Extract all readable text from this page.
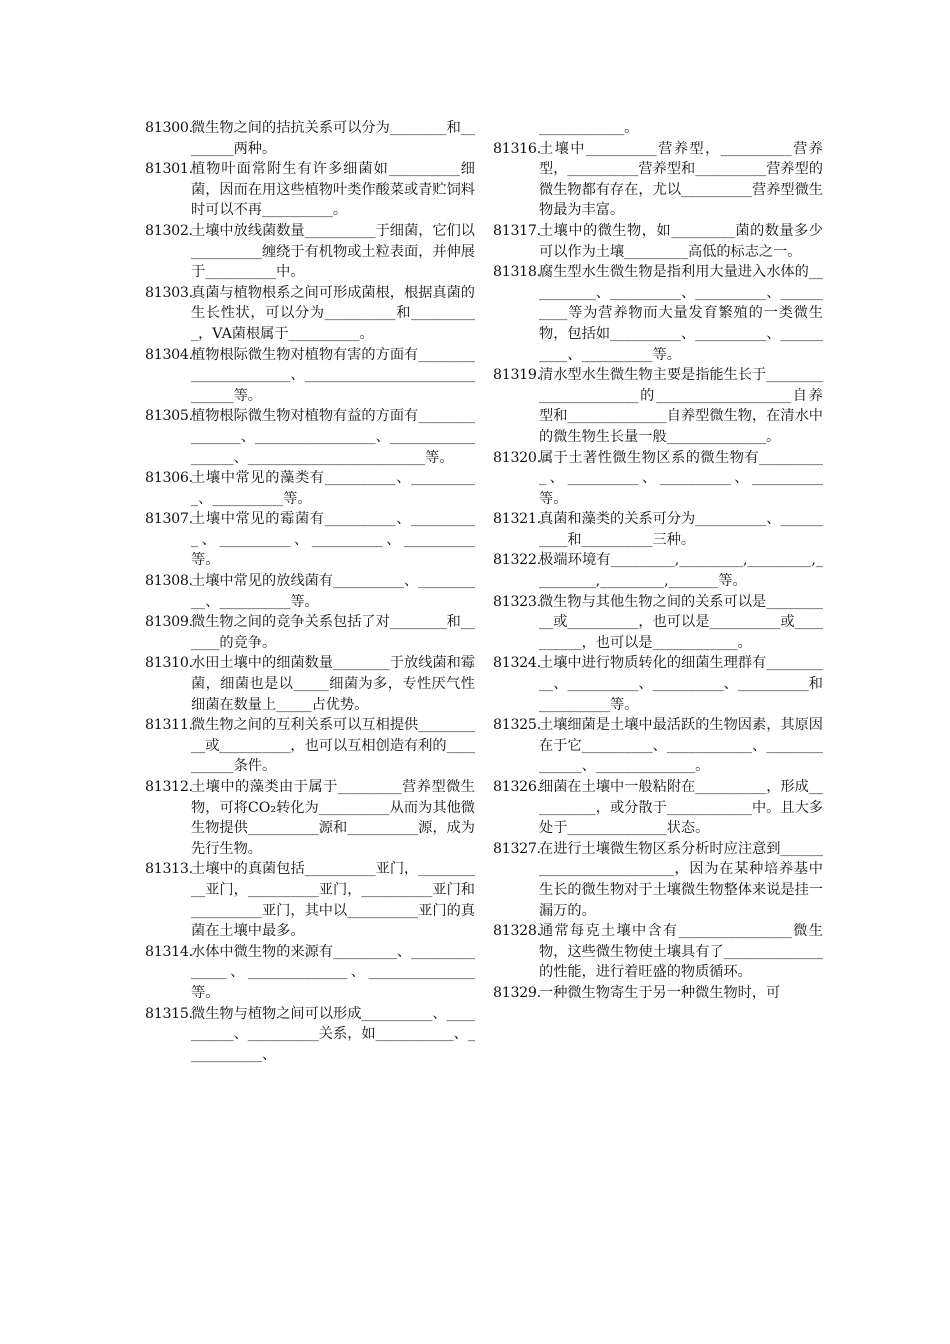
81300.
微生物之间的拮抗关系可以分为________和________两种。
81301.
植物叶面常附生有许多细菌如__________细菌，因而在用这些植物叶类作酸菜或青贮饲料时可以不再__________。
81302.
土壤中放线菌数量__________于细菌，它们以__________缠绕于有机物或土粒表面，并伸展于__________中。
81303.
真菌与植物根系之间可形成菌根，根据真菌的生长性状，可以分为__________和__________，VA菌根属于__________。
81304.
植物根际微生物对植物有害的方面有______________________、______________________________等。
81305.
植物根际微生物对植物有益的方面有_______________、_________________、__________________、_________________________等。
81306.
土壤中常见的藻类有__________、__________、__________等。
81307.
土壤中常见的霉菌有__________、__________、__________、__________、__________等。
81308.
土壤中常见的放线菌有__________、__________、__________等。
81309.
微生物之间的竞争关系包括了对________和______的竞争。
81310.
水田土壤中的细菌数量________于放线菌和霉菌，细菌也是以_____细菌为多，专性厌气性细菌在数量上_____占优势。
81311.
微生物之间的互利关系可以互相提供__________或__________，也可以互相创造有利的__________条件。
81312.
土壤中的藻类由于属于_________营养型微生物，可将CO₂转化为__________从而为其他微生物提供__________源和__________源，成为先行生物。
81313.
土壤中的真菌包括__________亚门，__________亚门，__________亚门，__________亚门和__________亚门，其中以__________亚门的真菌在土壤中最多。
81314.
水体中微生物的来源有_________、______________、______________、_______________等。
81315.
微生物与植物之间可以形成__________、__________、__________关系，如___________、___________、
____________。
81316.
土壤中__________营养型，__________营养型，__________营养型和__________营养型的微生物都有存在，尤以__________营养型微生物最为丰富。
81317.
土壤中的微生物，如_________菌的数量多少可以作为土壤_________高低的标志之一。
81318.
腐生型水生微生物是指利用大量进入水体的__________、__________、__________、__________等为营养物而大量发育繁殖的一类微生物，包括如__________、__________、__________、__________等。
81319.
清水型水生微生物主要是指能生长于______________________的___________________自养型和______________自养型微生物，在清水中的微生物生长量一般______________。
81320.
属于土著性微生物区系的微生物有__________、__________、__________、__________等。
81321.
真菌和藻类的关系可分为__________、__________和__________三种。
81322.
极端环境有_________,_________,_________,_________,_________,_______等。
81323.
微生物与其他生物之间的关系可以是__________或__________，也可以是__________或__________，也可以是____________。
81324.
土壤中进行物质转化的细菌生理群有__________、__________、__________、__________和__________等。
81325.
土壤细菌是土壤中最活跃的生物因素，其原因在于它__________、____________、______________、______________。
81326.
细菌在土壤中一般粘附在__________，形成__________，或分散于____________中。且大多处于______________状态。
81327.
在进行土壤微生物区系分析时应注意到_________________________，因为在某种培养基中生长的微生物对于土壤微生物整体来说是挂一漏万的。
81328.
通常每克土壤中含有________________微生物，这些微生物使土壤具有了______________的性能，进行着旺盛的物质循环。
81329.
一种微生物寄生于另一种微生物时，可
